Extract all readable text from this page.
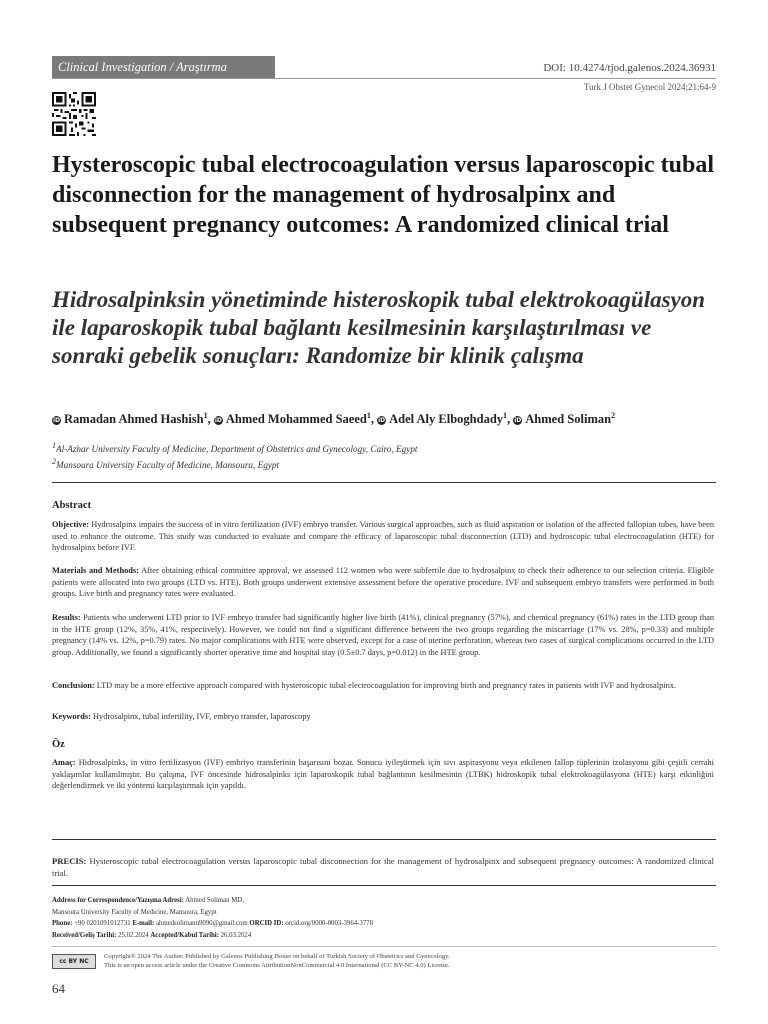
Clinical Investigation / Araştırma	DOI: 10.4274/tjod.galenos.2024.36931
Turk J Obstet Gynecol 2024;21:64-9
Hysteroscopic tubal electrocoagulation versus laparoscopic tubal disconnection for the management of hydrosalpinx and subsequent pregnancy outcomes: A randomized clinical trial
Hidrosalpinksin yönetiminde histeroskopik tubal elektrokoagülasyon ile laparoskopik tubal bağlantı kesilmesinin karşılaştırılması ve sonraki gebelik sonuçları: Randomize bir klinik çalışma
iD Ramadan Ahmed Hashish$^1$, iD Ahmed Mohammed Saeed$^1$, iD Adel Aly Elboghdady$^1$, iD Ahmed Soliman$^2$
$^1$Al-Azhar University Faculty of Medicine, Department of Obstetrics and Gynecology, Cairo, Egypt
$^2$Mansoura University Faculty of Medicine, Mansoura, Egypt
Abstract
Objective: Hydrosalpinx impairs the success of in vitro fertilization (IVF) embryo transfer. Various surgical approaches, such as fluid aspiration or isolation of the affected fallopian tubes, have been used to enhance the outcome. This study was conducted to evaluate and compare the efficacy of laparoscopic tubal disconnection (LTD) and hydroscopic tubal electrocoagulation (HTE) for hydrosalpinx before IVF.
Materials and Methods: After obtaining ethical committee approval, we assessed 112 women who were subfertile due to hydrosalpinx to check their adherence to our selection criteria. Eligible patients were allocated into two groups (LTD vs. HTE). Both groups underwent extensive assessment before the operative procedure. IVF and subsequent embryo transfers were performed in both groups. Live birth and pregnancy rates were evaluated.
Results: Patients who underwent LTD prior to IVF embryo transfer had significantly higher live birth (41%), clinical pregnancy (57%), and chemical pregnancy (61%) rates in the LTD group than in the HTE group (12%, 35%, 41%, respectively). However, we could not find a significant difference between the two groups regarding the miscarriage (17% vs. 28%, p=0.33) and multiple pregnancy (14% vs. 12%, p=0.79) rates. No major complications with HTE were observed, except for a case of uterine perforation, whereas two cases of surgical complications occurred in the LTD group. Additionally, we found a significantly shorter operative time and hospital stay (0.5±0.7 days, p=0.012) in the HTE group.
Conclusion: LTD may be a more effective approach compared with hysteroscopic tubal electrocoagulation for improving birth and pregnancy rates in patients with IVF and hydrosalpinx.
Keywords: Hydrosalpinx, tubal infertility, IVF, embryo transfer, laparoscopy
Öz
Amaç: Hidrosalpinks, in vitro fertilizasyon (IVF) embriyo transferinin başarısını bozar. Sonucu iyileştirmek için sıvı aspirasyonu veya etkilenen fallop tüplerinin izolasyonu gibi çeşitli cerrahi yaklaşımlar kullanılmıştır. Bu çalışma, IVF öncesinde hidrosalpinks için laparoskopik tubal bağlantının kesilmesinin (LTBK) hidroskopik tubal elektrokoagülasyona (HTE) karşı etkinliğini değerlendirmek ve iki yöntemi karşılaştırmak için yapıldı.
PRECIS: Hysteroscopic tubal electrocoagulation versus laparoscopic tubal disconnection for the management of hydrosalpinx and subsequent pregnancy outcomes: A randomized clinical trial.
Address for Correspondence/Yazışma Adresi: Ahmed Soliman MD,
Mansoura University Faculty of Medicine, Mansoura, Egypt
Phone: +90 0201091012731 E-mail: ahmedsolimann9090@gmail.com ORCID ID: orcid.org/0000-0003-3964-3778
Received/Geliş Tarihi: 25.02.2024 Accepted/Kabul Tarihi: 26.03.2024
cc BY NC
Copyright® 2024 The Author. Published by Galenos Publishing House on behalf of Turkish Society of Obstetrics and Gynecology.
This is an open access article under the Creative Commons AttributionNonCommercial 4.0 International (CC BY-NC 4.0) License.
64
